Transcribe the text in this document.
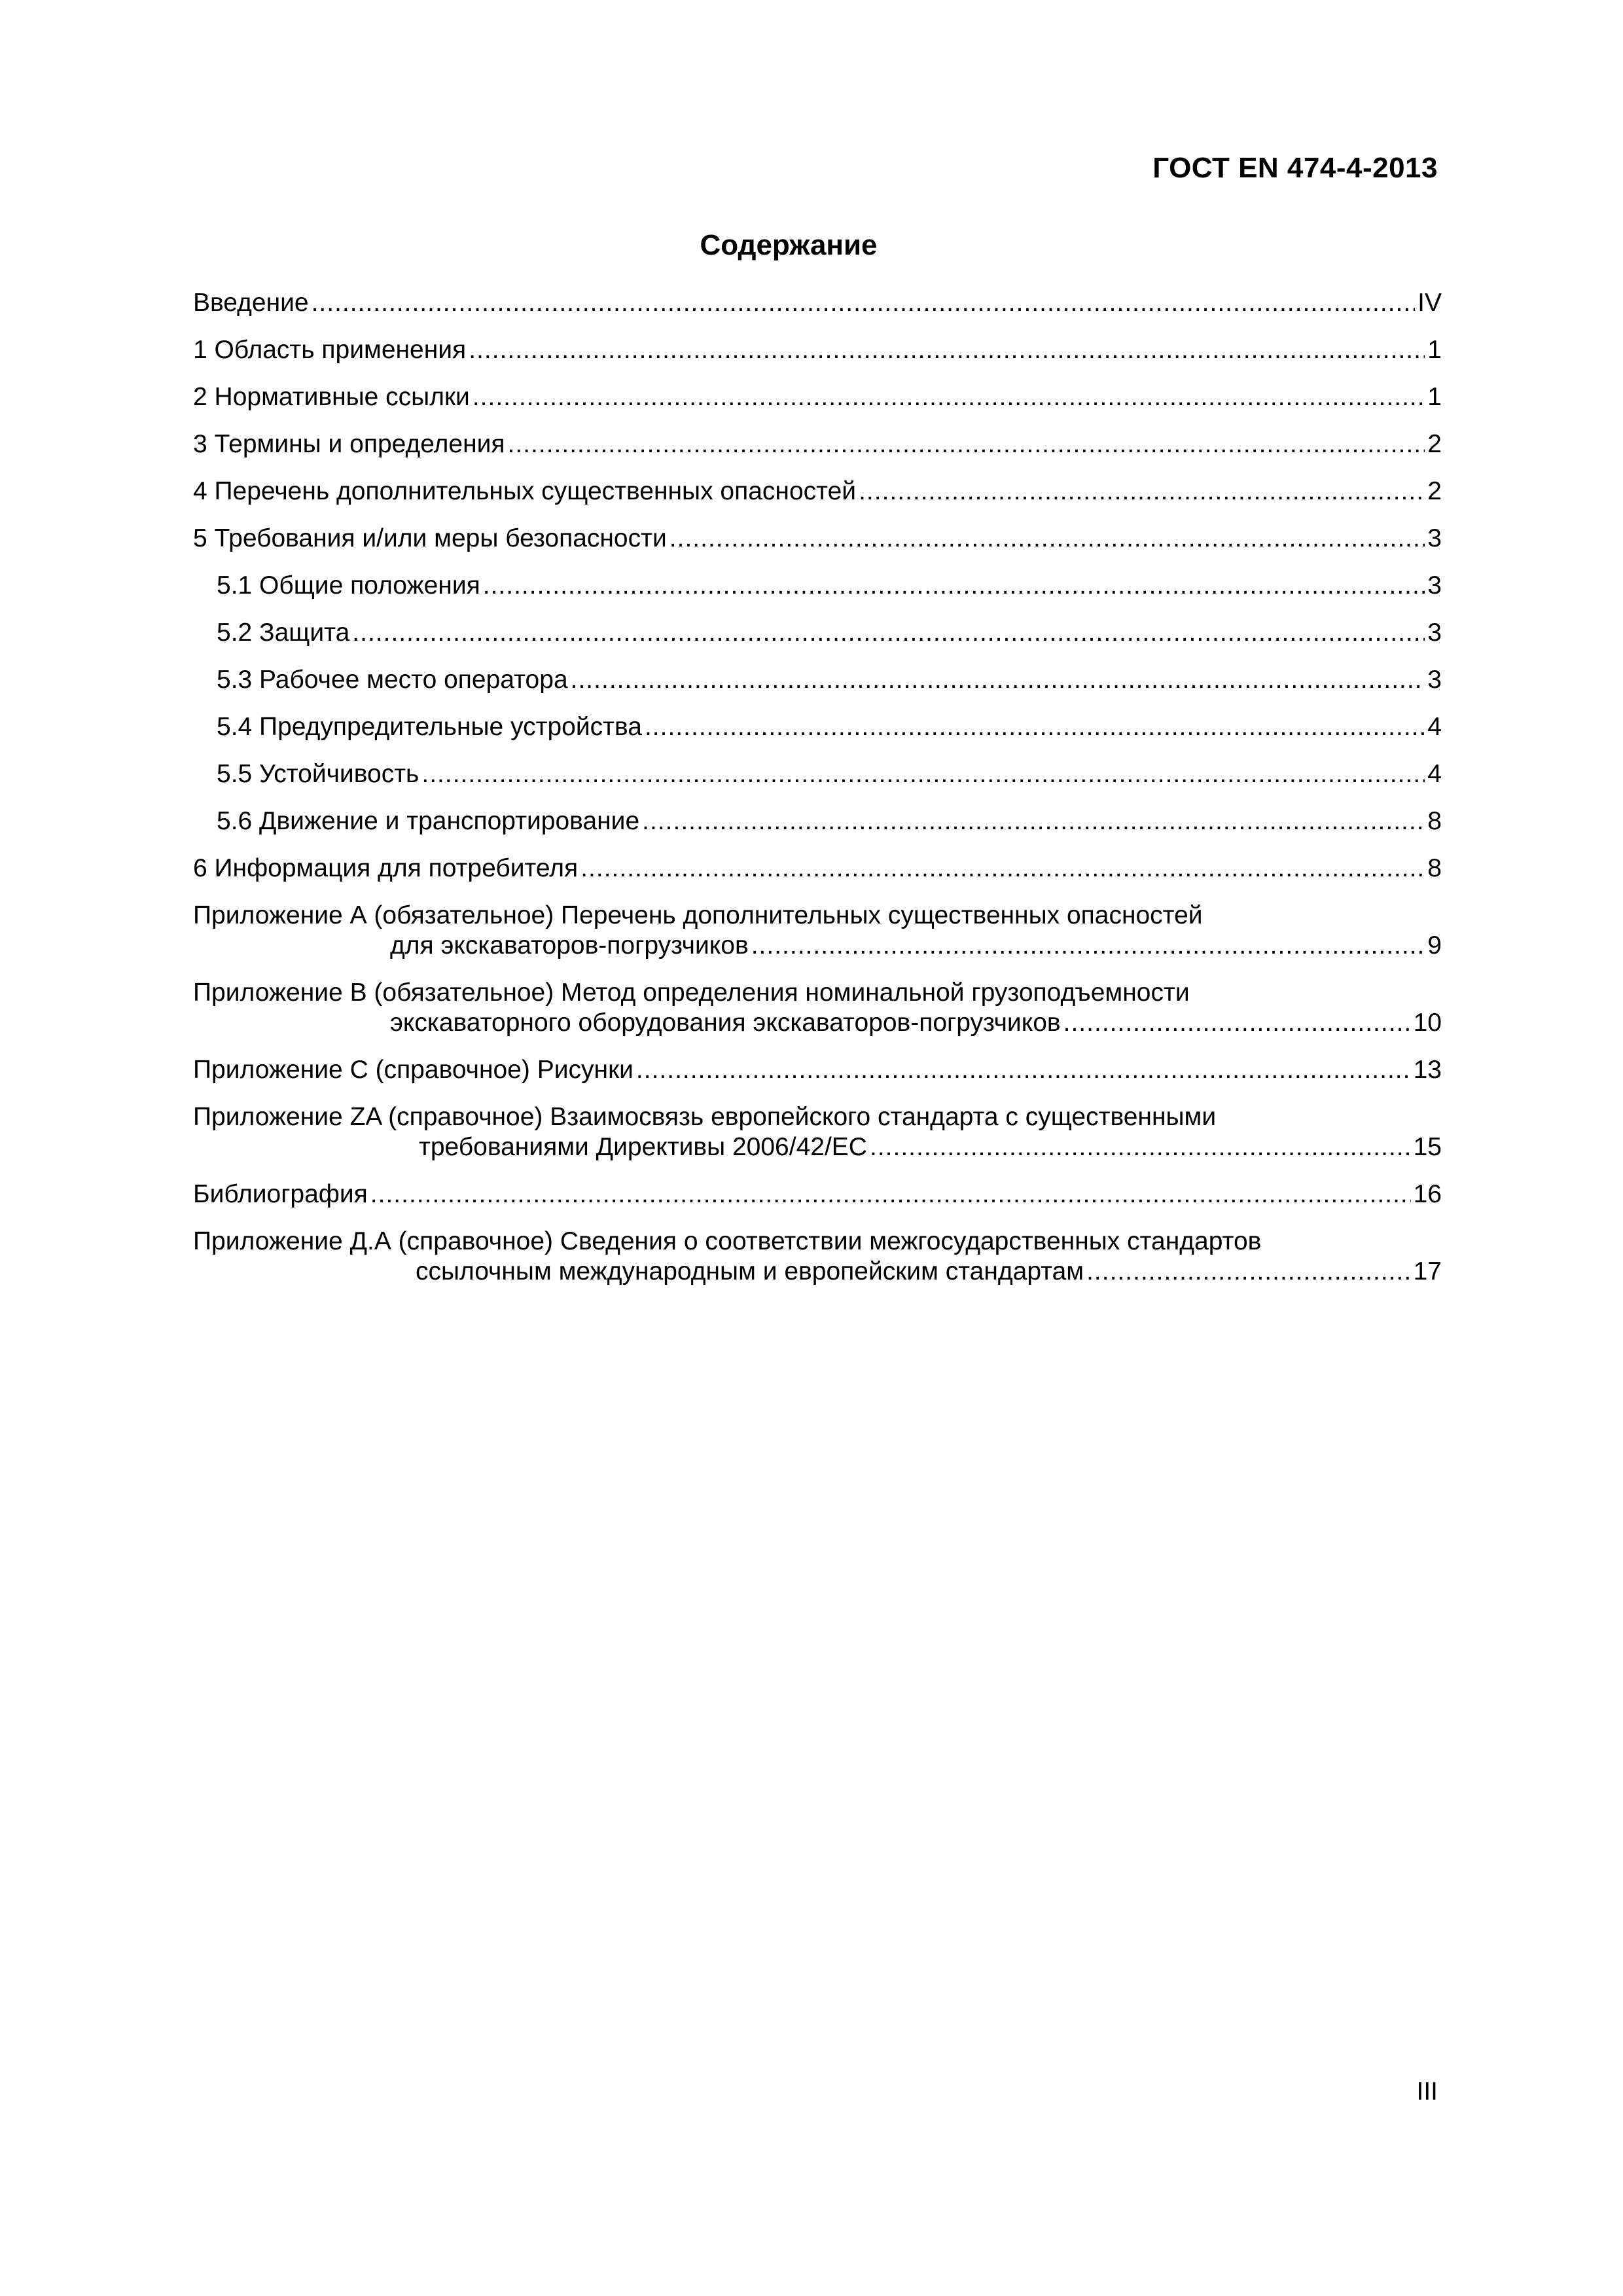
ГОСТ EN 474-4-2013
Содержание
Введение .....	IV
1 Область применения .....	1
2 Нормативные ссылки .....	1
3 Термины и определения .....	2
4 Перечень дополнительных существенных опасностей .....	2
5 Требования и/или меры безопасности .....	3
5.1 Общие положения .....	3
5.2 Защита .....	3
5.3 Рабочее место оператора .....	3
5.4 Предупредительные устройства .....	4
5.5 Устойчивость .....	4
5.6 Движение и транспортирование .....	8
6 Информация для потребителя .....	8
Приложение А (обязательное) Перечень дополнительных существенных опасностей
для экскаваторов-погрузчиков .....	9
Приложение В (обязательное) Метод определения номинальной грузоподъемности
экскаваторного оборудования экскаваторов-погрузчиков .....	10
Приложение С (справочное) Рисунки .....	13
Приложение ZA (справочное) Взаимосвязь европейского стандарта с существенными
требованиями Директивы 2006/42/EC .....	15
Библиография .....	16
Приложение Д.А (справочное) Сведения о соответствии межгосударственных стандартов
ссылочным международным и европейским стандартам .....	17
III
